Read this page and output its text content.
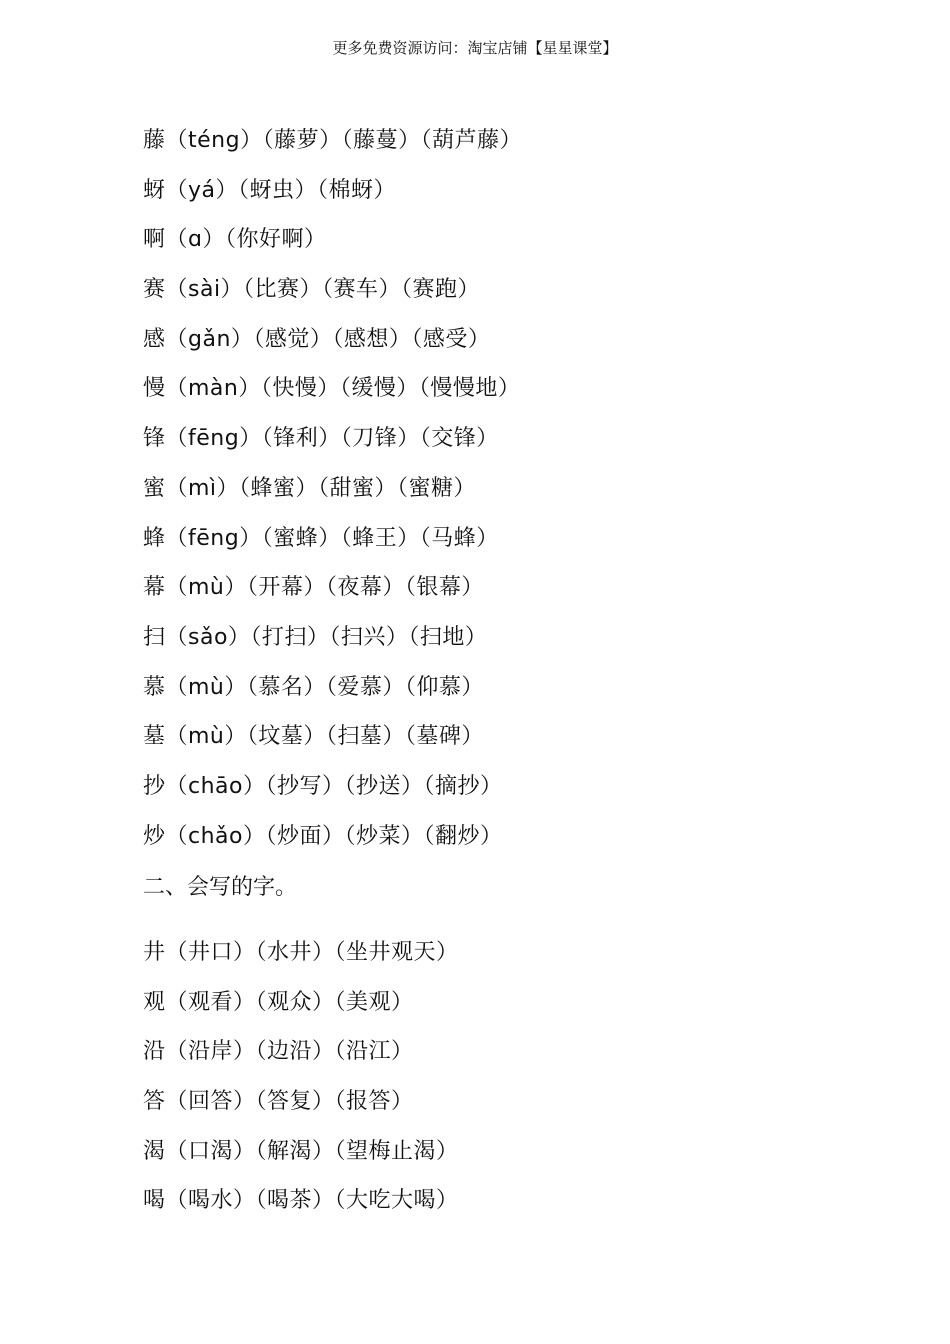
更多免费资源访问：淘宝店铺【星星课堂】
藤（téng）（藤萝）（藤蔓）（葫芦藤）
蚜（yá）（蚜虫）（棉蚜）
啊（ɑ）（你好啊）
赛（sài）（比赛）（赛车）（赛跑）
感（gǎn）（感觉）（感想）（感受）
慢（màn）（快慢）（缓慢）（慢慢地）
锋（fēng）（锋利）（刀锋）（交锋）
蜜（mì）（蜂蜜）（甜蜜）（蜜糖）
蜂（fēng）（蜜蜂）（蜂王）（马蜂）
幕（mù）（开幕）（夜幕）（银幕）
扫（sǎo）（打扫）（扫兴）（扫地）
慕（mù）（慕名）（爱慕）（仰慕）
墓（mù）（坟墓）（扫墓）（墓碑）
抄（chāo）（抄写）（抄送）（摘抄）
炒（chǎo）（炒面）（炒菜）（翻炒）
二、会写的字。
井（井口）（水井）（坐井观天）
观（观看）（观众）（美观）
沿（沿岸）（边沿）（沿江）
答（回答）（答复）（报答）
渴（口渴）（解渴）（望梅止渴）
喝（喝水）（喝茶）（大吃大喝）
